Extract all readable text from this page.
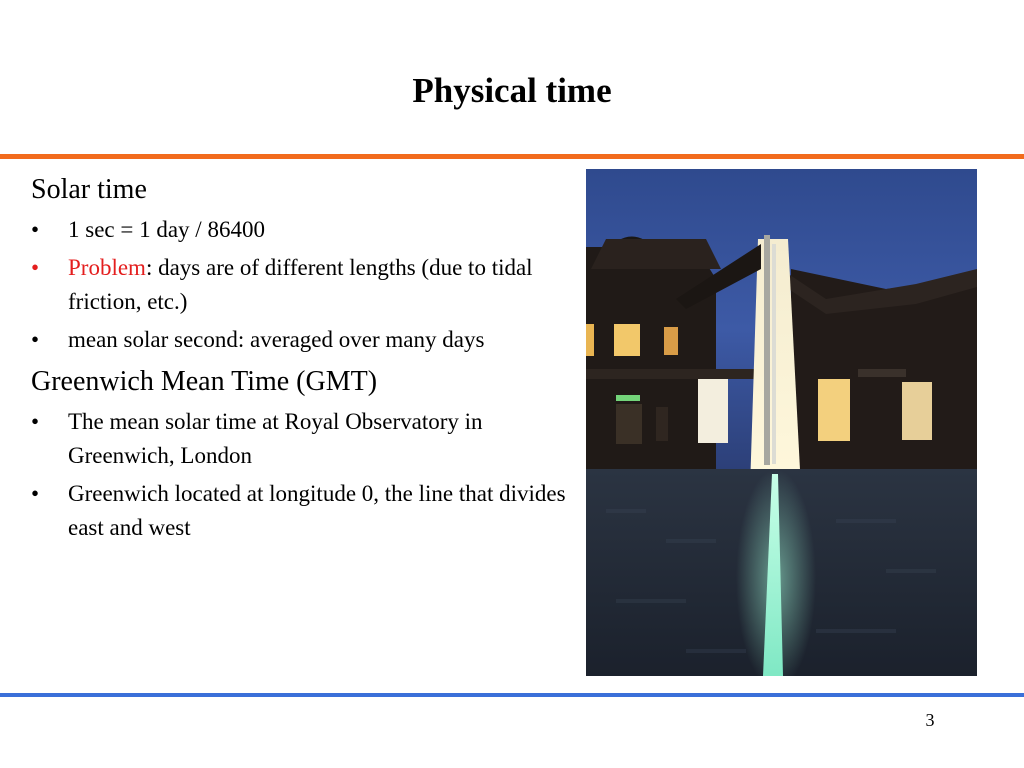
Physical time

Solar time

• 1 sec = 1 day / 86400
• Problem: days are of different lengths (due to tidal friction, etc.)
• mean solar second: averaged over many days

Greenwich Mean Time (GMT)

• The mean solar time at Royal Observatory in Greenwich, London
• Greenwich located at longitude 0, the line that divides east and west
3
